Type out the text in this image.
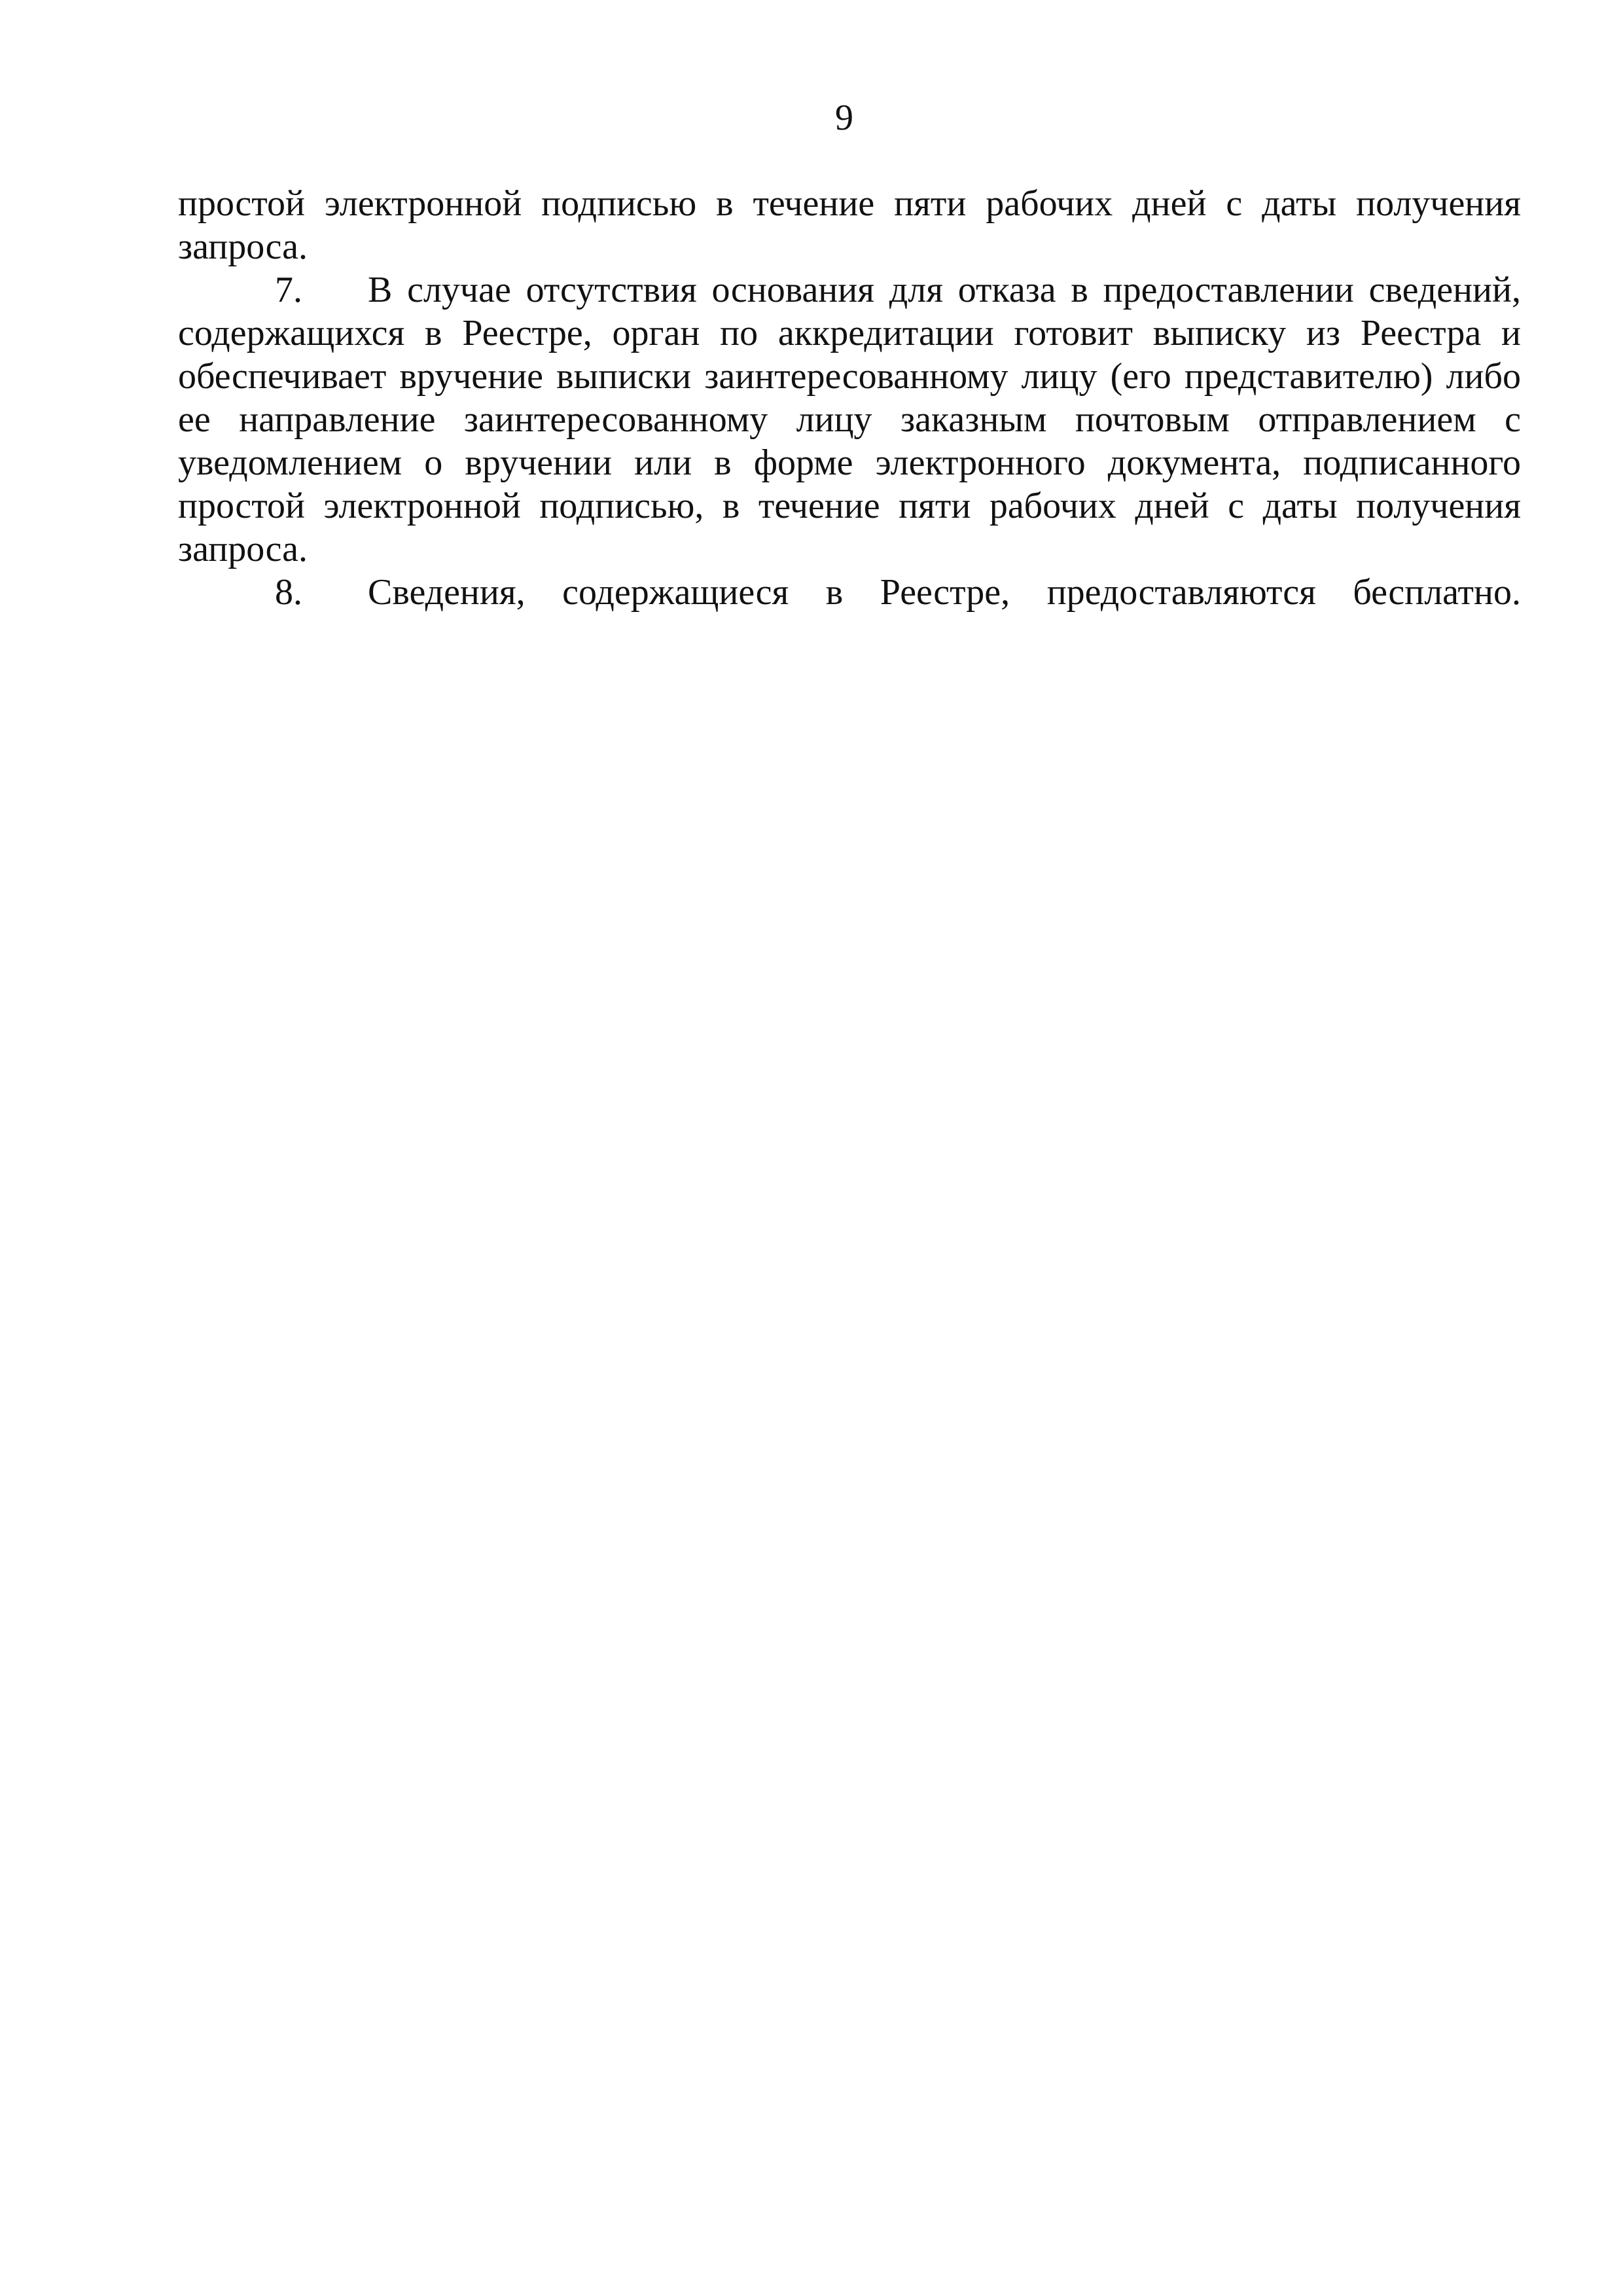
9

простой электронной подписью в течение пяти рабочих дней с даты получения запроса.

7. В случае отсутствия основания для отказа в предоставлении сведений, содержащихся в Реестре, орган по аккредитации готовит выписку из Реестра и обеспечивает вручение выписки заинтересованному лицу (его представителю) либо ее направление заинтересованному лицу заказным почтовым отправлением с уведомлением о вручении или в форме электронного документа, подписанного простой электронной подписью, в течение пяти рабочих дней с даты получения запроса.

8. Сведения, содержащиеся в Реестре, предоставляются бесплатно.
